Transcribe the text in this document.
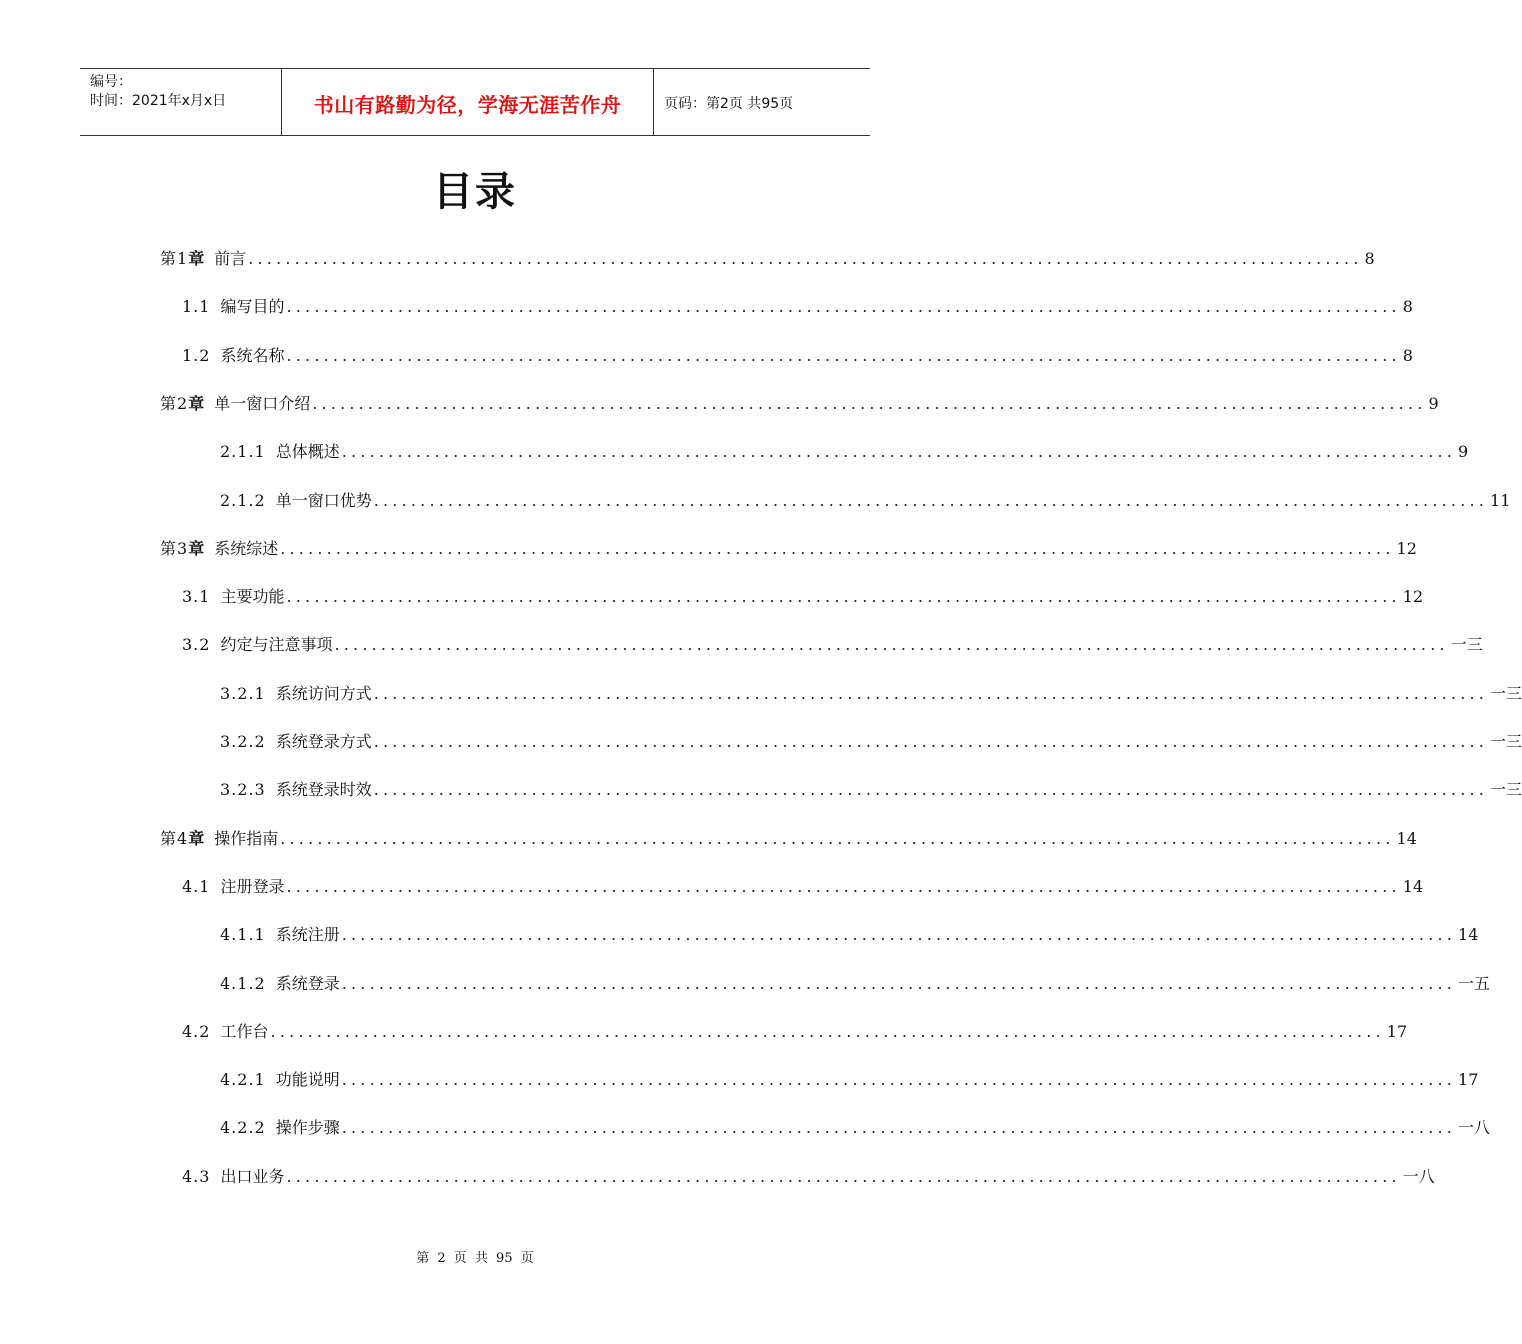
编号：
时间：2021年x月x日	书山有路勤为径，学海无涯苦作舟	页码：第2页 共95页
目录
第1 章 前言 ........................................................................................................................ 8
1.1 编写目的 ........................................................................................................................ 8
1.2 系统名称 ........................................................................................................................ 8
第2 章 单一窗口介绍 ........................................................................................................................ 9
2.1.1 总体概述 ........................................................................................................................ 9
2.1.2 单一窗口优势 ........................................................................................................................ 11
第3 章 系统综述 ........................................................................................................................ 12
3.1 主要功能 ........................................................................................................................ 12
3.2 约定与注意事项 ........................................................................................................................ 一三
3.2.1 系统访问方式 ........................................................................................................................ 一三
3.2.2 系统登录方式 ........................................................................................................................ 一三
3.2.3 系统登录时效 ........................................................................................................................ 一三
第4 章 操作指南 ........................................................................................................................ 14
4.1 注册登录 ........................................................................................................................ 14
4.1.1 系统注册 ........................................................................................................................ 14
4.1.2 系统登录 ........................................................................................................................ 一五
4.2 工作台 ........................................................................................................................ 17
4.2.1 功能说明 ........................................................................................................................ 17
4.2.2 操作步骤 ........................................................................................................................ 一八
4.3 出口业务 ........................................................................................................................ 一八
第 2 页 共 95 页
